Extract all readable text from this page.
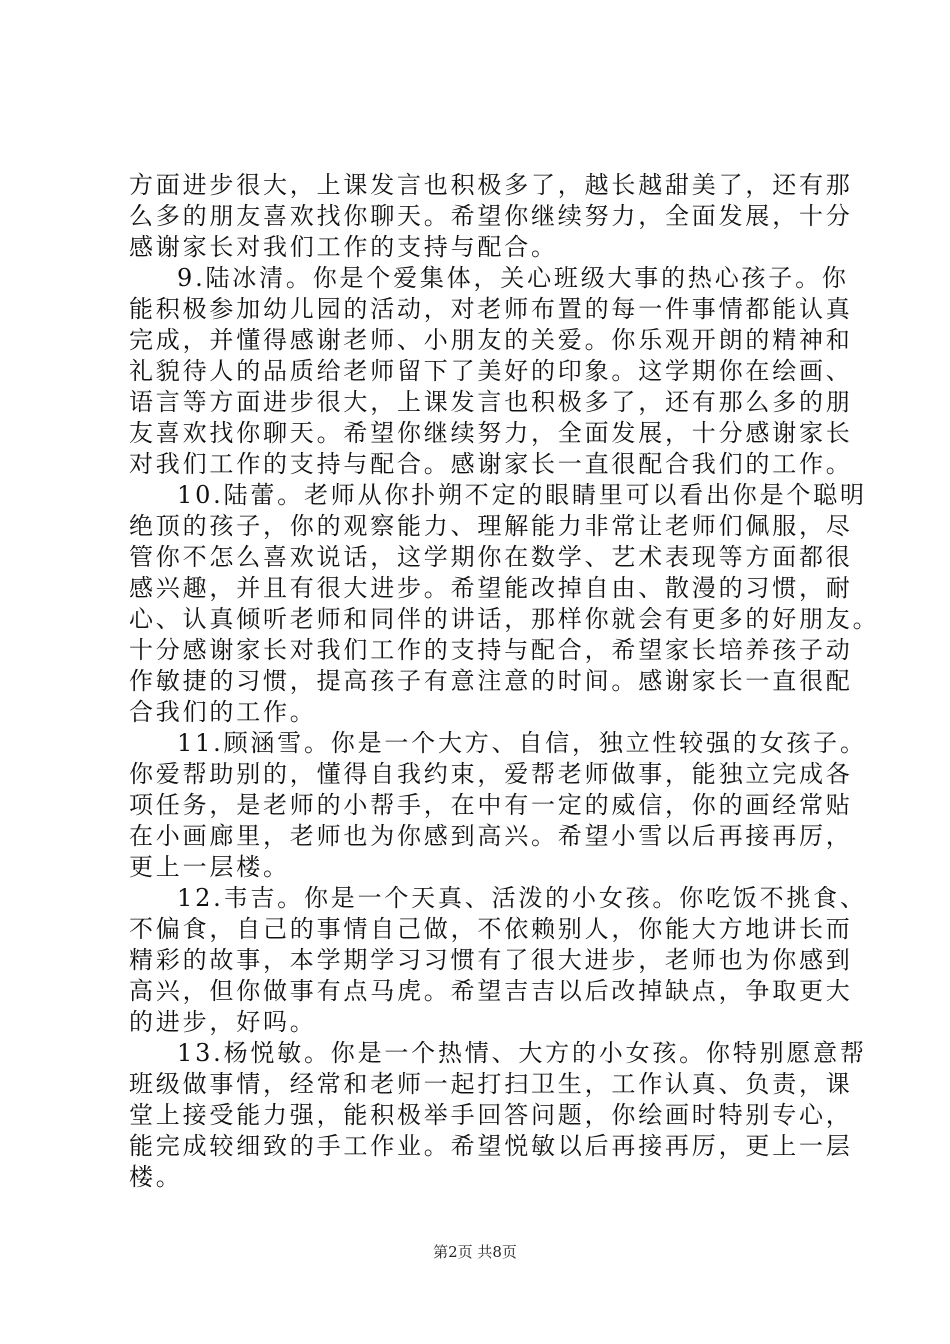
方面进步很大，上课发言也积极多了，越长越甜美了，还有那
么多的朋友喜欢找你聊天。希望你继续努力，全面发展，十分
感谢家长对我们工作的支持与配合。
9.陆冰清。你是个爱集体，关心班级大事的热心孩子。你
能积极参加幼儿园的活动，对老师布置的每一件事情都能认真
完成，并懂得感谢老师、小朋友的关爱。你乐观开朗的精神和
礼貌待人的品质给老师留下了美好的印象。这学期你在绘画、
语言等方面进步很大，上课发言也积极多了，还有那么多的朋
友喜欢找你聊天。希望你继续努力，全面发展，十分感谢家长
对我们工作的支持与配合。感谢家长一直很配合我们的工作。
10.陆蕾。老师从你扑朔不定的眼睛里可以看出你是个聪明
绝顶的孩子，你的观察能力、理解能力非常让老师们佩服，尽
管你不怎么喜欢说话，这学期你在数学、艺术表现等方面都很
感兴趣，并且有很大进步。希望能改掉自由、散漫的习惯，耐
心、认真倾听老师和同伴的讲话，那样你就会有更多的好朋友。
十分感谢家长对我们工作的支持与配合，希望家长培养孩子动
作敏捷的习惯，提高孩子有意注意的时间。感谢家长一直很配
合我们的工作。
11.顾涵雪。你是一个大方、自信，独立性较强的女孩子。
你爱帮助别的，懂得自我约束，爱帮老师做事，能独立完成各
项任务，是老师的小帮手，在中有一定的威信，你的画经常贴
在小画廊里，老师也为你感到高兴。希望小雪以后再接再厉，
更上一层楼。
12.韦吉。你是一个天真、活泼的小女孩。你吃饭不挑食、
不偏食，自己的事情自己做，不依赖别人，你能大方地讲长而
精彩的故事，本学期学习习惯有了很大进步，老师也为你感到
高兴，但你做事有点马虎。希望吉吉以后改掉缺点，争取更大
的进步，好吗。
13.杨悦敏。你是一个热情、大方的小女孩。你特别愿意帮
班级做事情，经常和老师一起打扫卫生，工作认真、负责，课
堂上接受能力强，能积极举手回答问题，你绘画时特别专心，
能完成较细致的手工作业。希望悦敏以后再接再厉，更上一层
楼。
第2页 共8页
